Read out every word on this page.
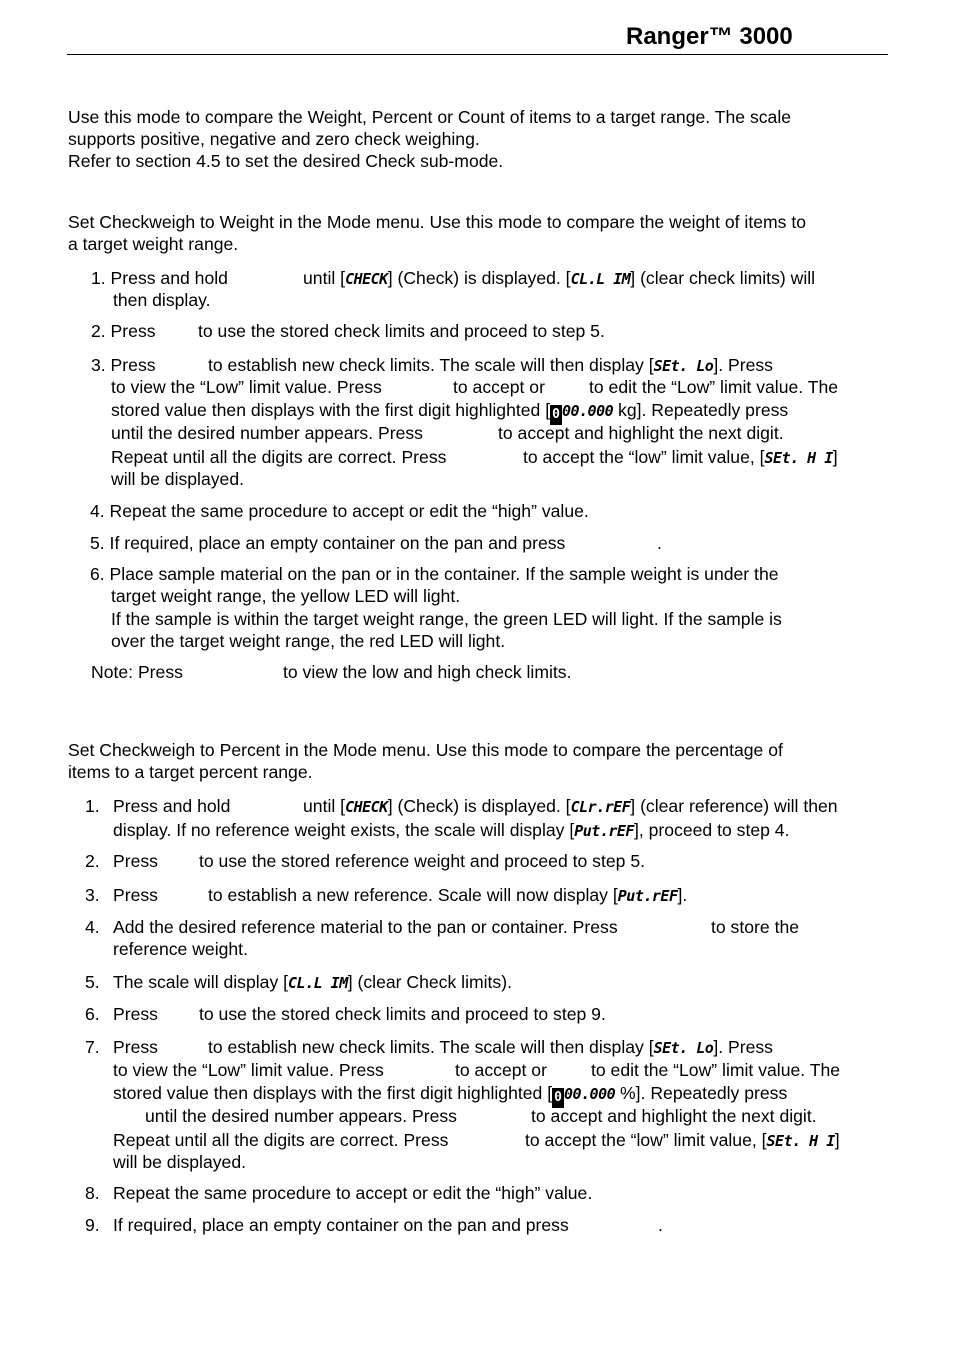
Ranger™ 3000
Use this mode to compare the Weight, Percent or Count of items to a target range. The scale
supports positive, negative and zero check weighing.
Refer to section 4.5 to set the desired Check sub-mode.
Set Checkweigh to Weight in the Mode menu. Use this mode to compare the weight of items to
a target weight range.
1. Press and hold	until [CHECK] (Check) is displayed. [CL.L IM] (clear check limits) will
then display.
2. Press to use the stored check limits and proceed to step 5.
3. Press	to establish new check limits. The scale will then display [SEt. Lo]. Press
to view the “Low” limit value. Press	to accept or	to edit the “Low” limit value. The
stored value then displays with the first digit highlighted [ 0 00.000 kg]. Repeatedly press
until the desired number appears. Press	to accept and highlight the next digit.
Repeat until all the digits are correct. Press	to accept the “low” limit value, [SEt. H I]
will be displayed.
4. Repeat the same procedure to accept or edit the “high” value.
5. If required, place an empty container on the pan and press	.
6. Place sample material on the pan or in the container. If the sample weight is under the
target weight range, the yellow LED will light.
If the sample is within the target weight range, the green LED will light. If the sample is
over the target weight range, the red LED will light.
Note: Press	to view the low and high check limits.
Set Checkweigh to Percent in the Mode menu. Use this mode to compare the percentage of
items to a target percent range.
1. Press and hold	until [CHECK] (Check) is displayed. [CLr.rEF] (clear reference) will then
display. If no reference weight exists, the scale will display [Put.rEF], proceed to step 4.
2. Press to use the stored reference weight and proceed to step 5.
3. Press	to establish a new reference. Scale will now display [Put.rEF].
4. Add the desired reference material to the pan or container. Press	to store the
reference weight.
5. The scale will display [CL.L IM] (clear Check limits).
6. Press to use the stored check limits and proceed to step 9.
7. Press	to establish new check limits. The scale will then display [SEt. Lo]. Press
to view the “Low” limit value. Press	to accept or	to edit the “Low” limit value. The
stored value then displays with the first digit highlighted [ 0 00.000 %]. Repeatedly press
until the desired number appears. Press	to accept and highlight the next digit.
Repeat until all the digits are correct. Press	to accept the “low” limit value, [SEt. H I]
will be displayed.
8. Repeat the same procedure to accept or edit the “high” value.
9. If required, place an empty container on the pan and press	.
